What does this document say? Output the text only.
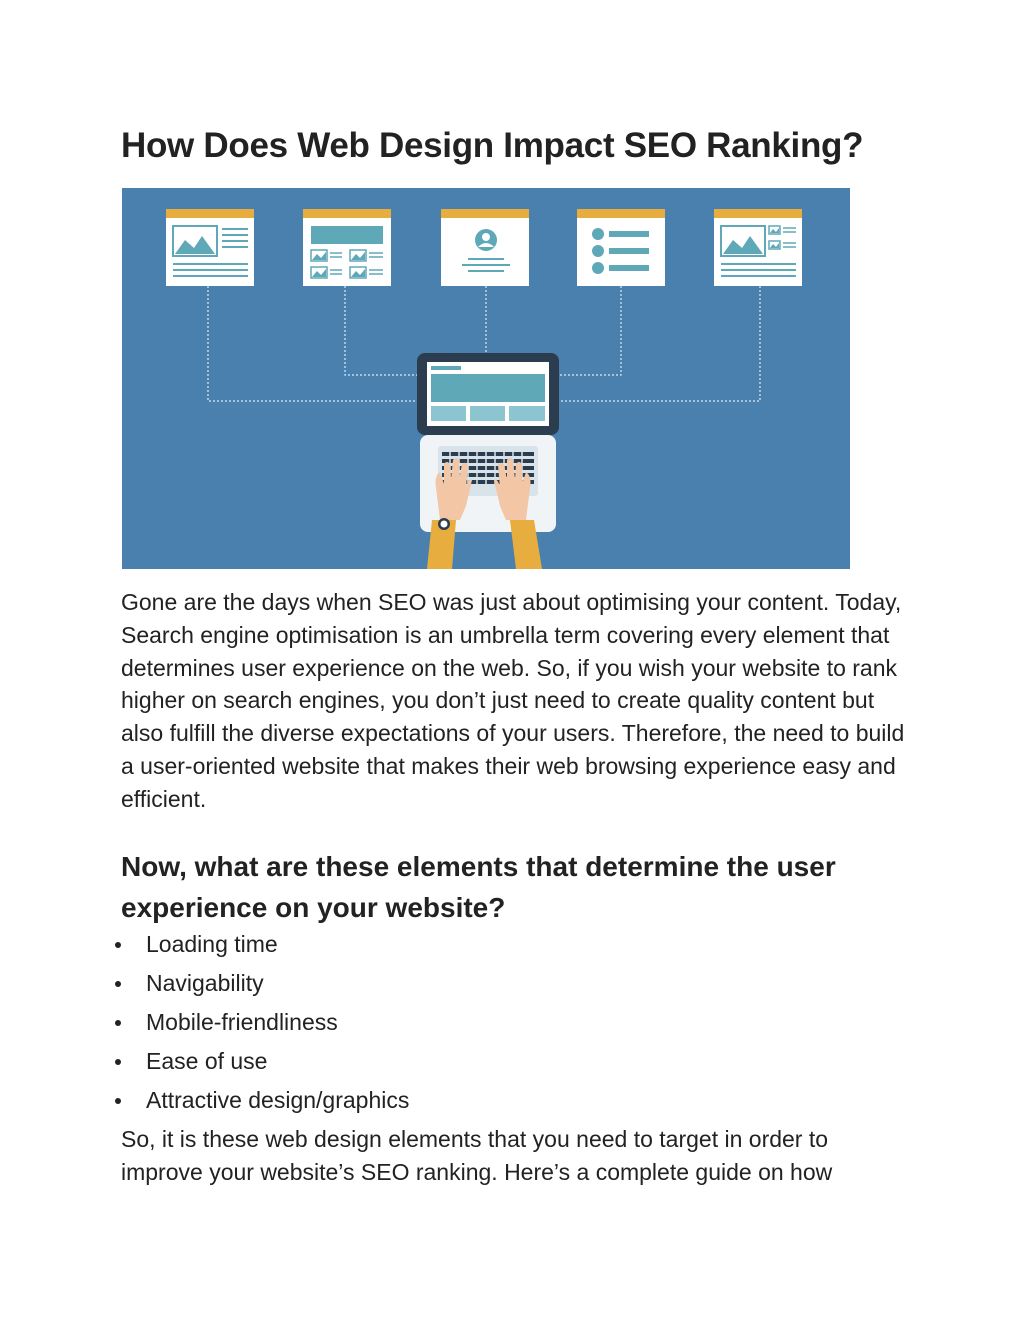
How Does Web Design Impact SEO Ranking?

Gone are the days when SEO was just about optimising your content. Today, Search engine optimisation is an umbrella term covering every element that determines user experience on the web. So, if you wish your website to rank higher on search engines, you don’t just need to create quality content but also fulfill the diverse expectations of your users. Therefore, the need to build a user-oriented website that makes their web browsing experience easy and efficient.

Now, what are these elements that determine the user experience on your website?
Loading time
Navigability
Mobile-friendliness
Ease of use
Attractive design/graphics

So, it is these web design elements that you need to target in order to improve your website’s SEO ranking. Here’s a complete guide on how
